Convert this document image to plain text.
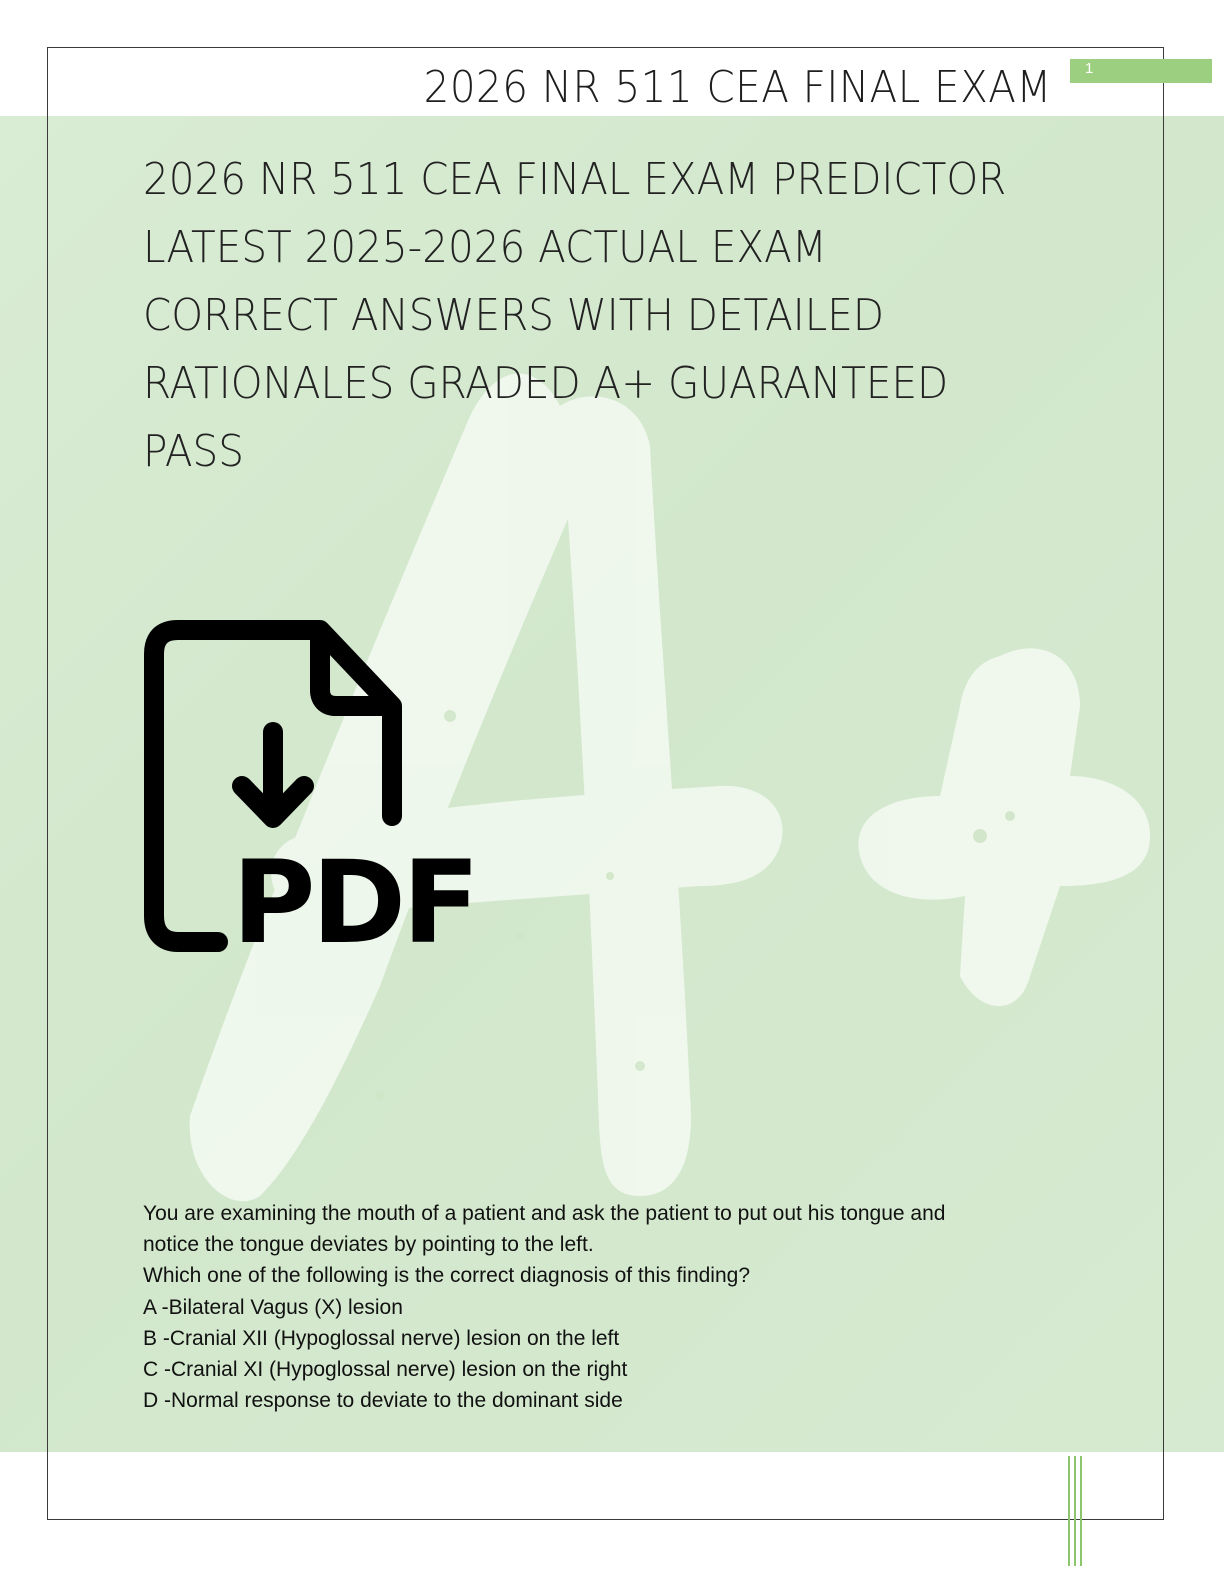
1
2026 NR 511 CEA FINAL EXAM
2026 NR 511 CEA FINAL EXAM PREDICTOR
LATEST 2025-2026 ACTUAL EXAM
CORRECT ANSWERS WITH DETAILED
RATIONALES GRADED A+ GUARANTEED
PASS
PDF
You are examining the mouth of a patient and ask the patient to put out his tongue and
notice the tongue deviates by pointing to the left.
Which one of the following is the correct diagnosis of this finding?
A -Bilateral Vagus (X) lesion
B -Cranial XII (Hypoglossal nerve) lesion on the left
C -Cranial XI (Hypoglossal nerve) lesion on the right
D -Normal response to deviate to the dominant side
